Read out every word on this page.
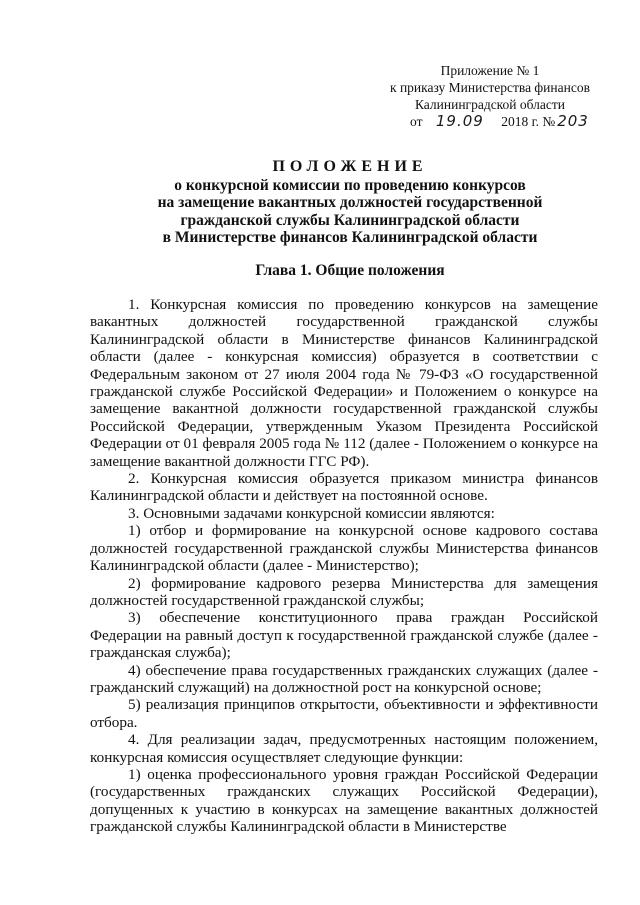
Приложение № 1
к приказу Министерства финансов
Калининградской области
от 19.09 2018 г. № 203
ПОЛОЖЕНИЕ
о конкурсной комиссии по проведению конкурсов
на замещение вакантных должностей государственной
гражданской службы Калининградской области
в Министерстве финансов Калининградской области
Глава 1. Общие положения

1. Конкурсная комиссия по проведению конкурсов на замещение вакантных должностей государственной гражданской службы Калининградской области в Министерстве финансов Калининградской области (далее - конкурсная комиссия) образуется в соответствии с Федеральным законом от 27 июля 2004 года № 79-ФЗ «О государственной гражданской службе Российской Федерации» и Положением о конкурсе на замещение вакантной должности государственной гражданской службы Российской Федерации, утвержденным Указом Президента Российской Федерации от 01 февраля 2005 года № 112 (далее - Положением о конкурсе на замещение вакантной должности ГГС РФ).

2. Конкурсная комиссия образуется приказом министра финансов Калининградской области и действует на постоянной основе.

3. Основными задачами конкурсной комиссии являются:

1) отбор и формирование на конкурсной основе кадрового состава должностей государственной гражданской службы Министерства финансов Калининградской области (далее - Министерство);

2) формирование кадрового резерва Министерства для замещения должностей государственной гражданской службы;

3) обеспечение конституционного права граждан Российской Федерации на равный доступ к государственной гражданской службе (далее - гражданская служба);

4) обеспечение права государственных гражданских служащих (далее - гражданский служащий) на должностной рост на конкурсной основе;

5) реализация принципов открытости, объективности и эффективности отбора.

4. Для реализации задач, предусмотренных настоящим положением, конкурсная комиссия осуществляет следующие функции:

1) оценка профессионального уровня граждан Российской Федерации (государственных гражданских служащих Российской Федерации), допущенных к участию в конкурсах на замещение вакантных должностей гражданской службы Калининградской области в Министерстве
